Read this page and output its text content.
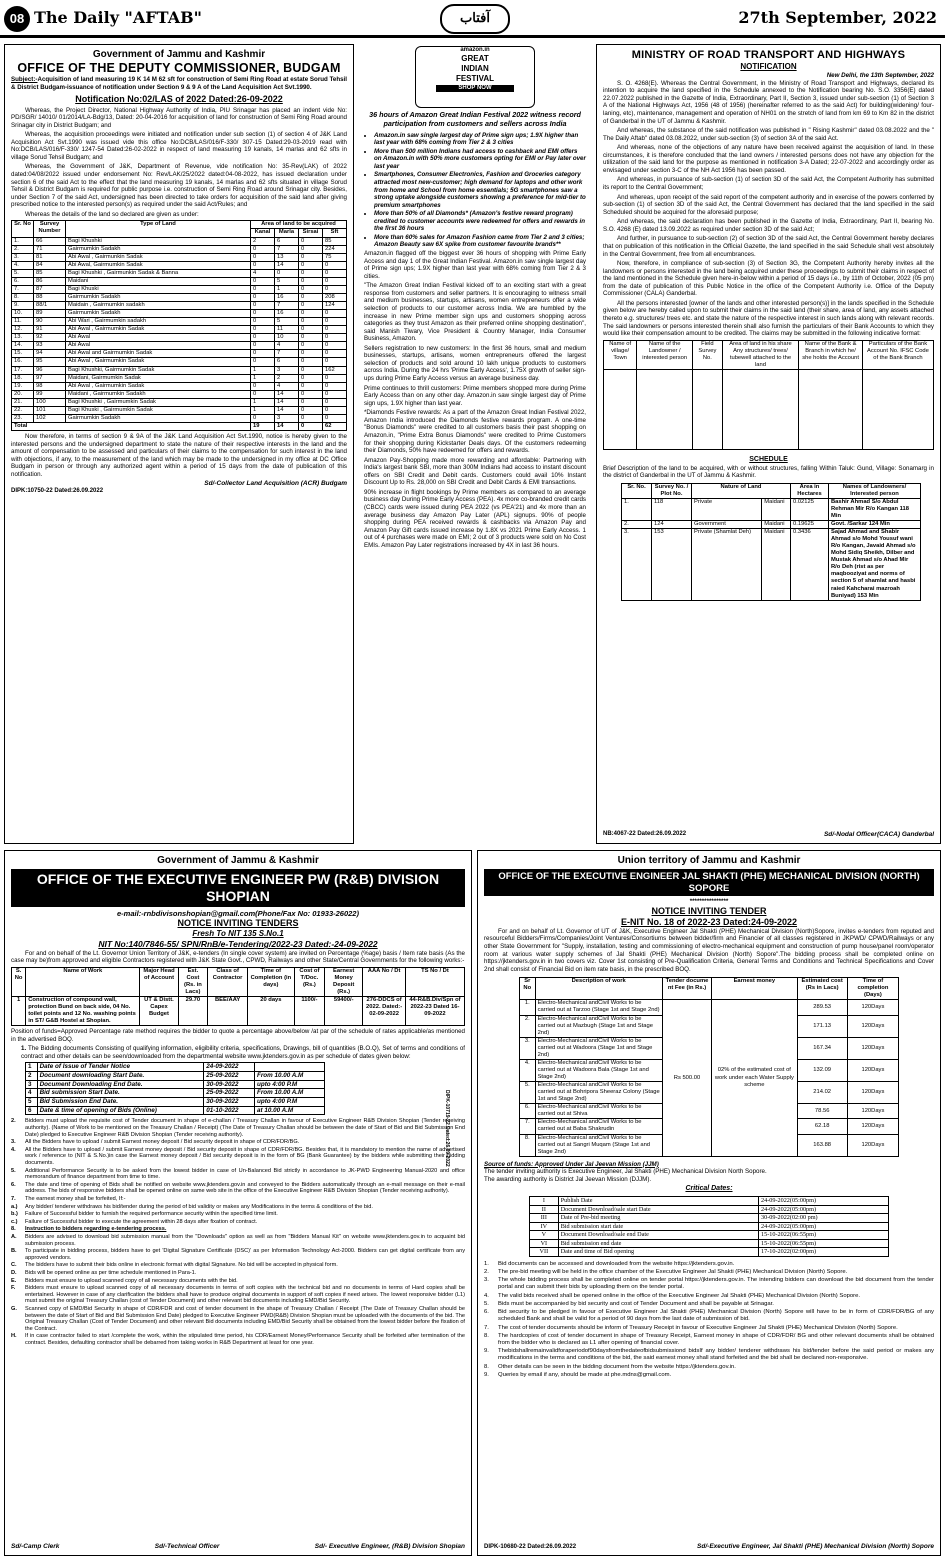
08 The Daily "AFTAB"	آفتاب	27th September, 2022
Government of Jammu and Kashmir
OFFICE OF THE DEPUTY COMMISSIONER, BUDGAM

Subject:-Acquisition of land measuring 19 K 14 M 62 sft for construction of Semi Ring Road at estate Sorud Tehsil & District Budgam-issuance of notification under Section 9 & 9 A of the Land Acquisition Act Svt.1990.

Notification No:02/LAS of 2022 Dated:26-09-2022

Whereas, the Project Director, National Highway Authority of India, PIU Srinagar has placed an indent vide No: PD/SGR/ 14010/ 01/2014/LA-Bdg/13, Dated: 20-04-2016 for acquisition of land for construction of Semi Ring Road around Srinagar city in District Budgam; and

Whereas, the acquisition proceedings were initiated and notification under sub section (1) of section 4 of J&K Land Acquisition Act Svt.1990 was issued vide this office No:DCB/LAS/016/F-330/ 307-15 Dated:29-03-2019 read with No:DCB/LAS/016/F-330/ 1247-54 Dated:26-02-2022 in respect of land measuring 19 kanals, 14 marlas and 62 sfts in village Sorud Tehsil Budgam; and

Whereas, the Government of J&K, Department of Revenue, vide notification No: 35-Rev(LAK) of 2022 dated:04/08/2022 issued under endorsement No: Rev/LAK/25/2022 dated:04-08-2022, has issued declaration under section 6 of the said Act to the effect that the land measuring 19 kanals, 14 marlas and 62 sfts situated in village Sorud Tehsil & District Budgam is required for public purpose i.e. construction of Semi Ring Road around Srinagar city. Besides, under Section 7 of the said Act, undersigned has been directed to take orders for acquisition of the said land after giving prescribed notice to the interested person(s) as required under the said Act/Rules; and

Whereas the details of the land so declared are given as under:

Sr. No	Survey Number	Type of Land	Area of land to be acquired			
			Kanal	Marla	Sirsai	Sft
1.	66	Bagi Khushki	2	6	0	85
2.	71	Gairmumkin Sadakh	0	7	0	224
3.	81	Abi Awal , Gairmunkin Sadak	0	13	0	75
4.	84	Abi Awal, Gairmumkin Sadak	0	14	0	0
5.	85	Bagi Khushki , Gairmunkin Sadak & Banna	4	0	0	0
6.	86	Maidani	0	5	0	0
7.	87	Bagi Khuski	0	1	0	0
8.	88	Gairmumkin Sadakh	0	16	0	208
9.	88/1	Maidain , Gairmumkin sadakh	0	7	0	124
10.	89	Gairmumkin Sadakh	0	16	0	0
11.	90	Abi Wari , Gairmumkin sadakh	0	5	0	0
12.	91	Abi Awal , Gairmumkin Sadak	0	11	0	0
13.	92	Abi Awal	0	10	0	0
14.	93	Abi Awal	0	4	0	0
15.	94	Abi Awal and Gairmumkin Sadak	0	7	0	0
16.	95	Abi Awal , Gairmumkin Sadak	0	6	0	0
17.	96	Bagi Khushki, Gairmumkin Sadak	1	3	0	162
18.	97	Maidani, Gairmumkin Sadak	1	2	0	0
19.	98	Abi Awal , Gairmumkin Sadak	0	4	0	0
20.	99	Maidani , Gairmumkin Sadakh	0	14	0	0
21.	100	Bagi Khushki , Gairmumkin Sadak	1	14	0	0
22.	101	Bagi Khuski , Gairmumkin Sadak	1	14	0	0
23.	102	Gairmumkin Sadakh	0	3	0	0
Total			19	14	0	62

Now therefore, in terms of section 9 & 9A of the J&K Land Acquisition Act Svt.1990, notice is hereby given to the interested persons and the undersigned department to state the nature of their respective interests in the land and the amount of compensation to be assessed and particulars of their claims to the compensation for such interest in the land with objections, if any, to the measurement of the land which may be made to the undersigned in my office at DC Office Budgam in person or through any authorized agent within a period of 15 days from the date of publication of this notification.

Sd/-Collector Land Acquisition (ACR) Budgam
DIPK:10750-22 Dated:26.09.2022
amazon.in
GREAT
INDIAN
FESTIVAL
SHOP NOW
36 hours of Amazon Great Indian Festival 2022 witness record participation from customers and sellers across India
• Amazon.in saw single largest day of Prime sign ups; 1.9X higher than last year with 68% coming from Tier 2 & 3 cities
• More than 500 million Indians had access to cashback and EMI offers on Amazon.in with 50% more customers opting for EMI or Pay later over last year
• Smartphones, Consumer Electronics, Fashion and Groceries category attracted most new-customer; high demand for laptops and other work from home and School from home essentials; 5G smartphones saw a strong uptake alongside customers showing a preference for mid-tier to premium smartphones
• More than 50% of all Diamonds* (Amazon's festive reward program) credited to customer accounts were redeemed for offers and rewards in the first 36 hours
• More than 60% sales for Amazon Fashion came from Tier 2 and 3 cities; Amazon Beauty saw 6X spike from customer favourite brands**

Amazon.in flagged off the biggest ever 36 hours of shopping with Prime Early Access and day 1 of the Great Indian Festival. Amazon.in saw single largest day of Prime sign ups; 1.9X higher than last year with 68% coming from Tier 2 & 3 cities.

"The Amazon Great Indian Festival kicked off to an exciting start with a great response from customers and seller partners. It is encouraging to witness small and medium businesses, startups, artisans, women entrepreneurs offer a wide selection of products to our customer across India. We are humbled by the increase in new Prime member sign ups and customers shopping across categories as they trust Amazon as their preferred online shopping destination", said Manish Tiwary, Vice President & Country Manager, India Consumer Business, Amazon.

Sellers registration to new customers: In the first 36 hours, small and medium businesses, startups, artisans, women entrepreneurs offered the largest selection of products and sold around 10 lakh unique products to customers across India. During the 24 hrs 'Prime Early Access', 1.75X growth of seller sign-ups during Prime Early Access versus an average business day.

Prime continues to thrill customers: Prime members shopped more during Prime Early Access than on any other day. Amazon.in saw single largest day of Prime sign ups, 1.9X higher than last year.

*Diamonds Festive rewards: As a part of the Amazon Great Indian Festival 2022, Amazon India introduced the Diamonds festive rewards program. A one-time "Bonus Diamonds" were credited to all customers basis their past shopping on Amazon.in, "Prime Extra Bonus Diamonds" were credited to Prime Customers for their shopping during Kickstarter Deals days. Of the customers redeeming their Diamonds, 50% have redeemed for offers and rewards.

Amazon Pay-Shopping made more rewarding and affordable: Partnering with India's largest bank SBI, more than 300M Indians had access to instant discount offers on SBI Credit and Debit cards. Customers could avail 10% Instant Discount Up to Rs. 28,000 on SBI Credit and Debit Cards & EMI transactions.

90% increase in flight bookings by Prime members as compared to an average business day During Prime Early Access (PEA). 4x more co-branded credit cards (CBCC) cards were issued during PEA 2022 (vs PEA'21) and 4x more than an average business day Amazon Pay Later (APL) signups. 90% of people shopping during PEA received rewards & cashbacks via Amazon Pay and Amazon Pay Gift cards issued increase by 1.8X vs 2021 Prime Early Access. 1 out of 4 purchases were made on EMI; 2 out of 3 products were sold on No Cost EMIs. Amazon Pay Later registrations increased by 4X in last 36 hours.

MINISTRY OF ROAD TRANSPORT AND HIGHWAYS
NOTIFICATION
New Delhi, the 13th September, 2022

S. O. 4268(E). Whereas the Central Government, in the Ministry of Road Transport and Highways, declared its intention to acquire the land specified in the Schedule annexed to the Notification bearing No. S.O. 3356(E) dated 22.07.2022 published in the Gazette of India, Extraordinary, Part II, Section 3, issued under sub-section (1) of Section 3 A of the National Highways Act, 1956 (48 of 1956) (hereinafter referred to as the said Act) for building(widening/ four-laning, etc), maintenance, management and operation of NH01 on the stretch of land from km 69 to Km 82 in the district of Ganderbal in the UT of Jammu & Kashmir.

And whereas, the substance of the said notification was published in " Rising Kashmir" dated 03.08.2022 and the " The Daily Aftab" dated 03.08.2022, under sub-section (3) of section 3A of the said Act.

And whereas, none of the objections of any nature have been received against the acquisition of land. In these circumstances, it is therefore concluded that the land owners / interested persons does not have any objection for the utilization of the said land for the purpose as mentioned in notification 3-A Dated; 22-07-2022 and accordingly order as envisaged under section 3-C of the NH Act 1956 has been passed.

And whereas, in pursuance of sub-section (1) of section 3D of the said Act, the Competent Authority has submitted its report to the Central Government;

And whereas, upon receipt of the said report of the competent authority and in exercise of the powers conferred by sub-section (1) of section 3D of the said Act, the Central Government has declared that the land specified in the said Scheduled should be acquired for the aforesaid purpose;

And whereas, the said declaration has been published in the Gazette of India, Extraordinary, Part II, bearing No. S.O. 4268 (E) dated 13.09.2022 as required under section 3D of the said Act;

And further, in pursuance to sub-section (2) of section 3D of the said Act, the Central Government hereby declares that on publication of this notification in the Official Gazette, the land specified in the said Schedule shall vest absolutely in the Central Government, free from all encumbrances.

Now, therefore, in compliance of sub-section (3) of Section 3G, the Competent Authority hereby invites all the landowners or persons interested in the land being acquired under these proceedings to submit their claims in respect of the land mentioned in the Schedule given here-in-below within a period of 15 days i.e., by 11th of October, 2022 (05 pm) from the date of publication of this Public Notice in the office of the Competent Authority i.e. Office of the Deputy Commissioner (CALA) Ganderbal.

All the persons interested [owner of the lands and other interested person(s)] in the lands specified in the Schedule given below are hereby called upon to submit their claims in the said land (their share, area of land, any assets attached thereto e.g. structures/ trees etc. and state the nature of the respective interest in such lands along with relevant records. The said landowners or persons interested therein shall also furnish the particulars of their Bank Accounts to which they would like their compensation amount to be credited. The claims may be submitted in the following indicative format:

Name of village/ Town	Name of the Landowner / interested person	Field Survey No.	Area of land in his share Any structures/ trees/ tubewell attached to the land	Name of the Bank & Branch in which he/ she holds the Account	Particulars of the Bank Account No. IFSC Code of the Bank Branch

SCHEDULE

Brief Description of the land to be acquired, with or without structures, falling Within Taluk: Gund, Village: Sonamarg in the district of Ganderbal in the UT of Jammu & Kashmir.

Sr. No.	Survey No. / Plot No.	Nature of Land		Area in Hectares	Names of Landowners/ Interested person
1.	118	Private	Maidani	0.02125	Bashir Ahmad S/o Abdul Rehman Mir R/o Kangan 118 Min
2.	124	Government	Maidani	0.19625	Govt. /Sarkar 124 Min
3.	153	Private (Shamlat Deh)	Maidani	0.3436	Sajad Ahmad and Shabir Ahmad s/o Mohd Yousuf wani R/o Kangan, Javaid Ahmad s/o Mohd Sidiq Sheikh, Dilber and Mustak Ahmad s/o Ahad Mir R/o Deh (rist as per maqbooziyat and norms of section 5 of shamlat and hasbi raied Kahcharai mazroah Buniyad) 153 Min
NB:4067-22 Dated:26.09.2022	Sd/-Nodal Officer(CACA) Ganderbal
Government of Jammu & Kashmir
OFFICE OF THE EXECUTIVE ENGINEER PW (R&B) DIVISION SHOPIAN
e-mail:-rnbdivisonshopian@gmail.com(Phone/Fax No: 01933-26022)
NOTICE INVITING TENDERS
Fresh To NIT 135 S.No.1
NIT No:140/7846-55/ SPN/RnB/e-Tendering/2022-23 Dated:-24-09-2022

For and on behalf of the Lt. Governor Union Territory of J&K, e-tenders (In single cover system) are invited on Percentage (%age) basis / Item rate basis (As the case may be)from approved and eligible Contractors registered with J&K State Govt., CPWD, Railways and other State/Central Governments for the following works:-

S. No	Name of Work	Major Head of Account	Est. Cost (Rs. in Lacs)	Class of Contractor	Time of Completion (in days)	Cost of T/Doc. (Rs.)	Earnest Money Deposit (Rs.)	AAA No / Dt	TS No / Dt
1	Construction of compound wall, protection Bund on back side, 04 No. toilet points and 12 No. washing points in ST/ G&B Hostel at Shopian.	UT & Distt. Capex Budget	29.70	BEE/AAY	20 days	1100/-	59400/-	276-DDCS of 2022. Dated:- 02-09-2022	44-R&B.Div/Spn of 2022-23 Dated 16-09-2022

Position of funds=Approved Percentage rate method requires the bidder to quote a percentage above/below /at par of the schedule of rates applicable/as mentioned in the advertised BOQ.

1. The Bidding documents Consisting of qualifying information, eligibility criteria, specifications, Drawings, bill of quantities (B.O.Q), Set of terms and conditions of contract and other details can be seen/downloaded from the departmental website www.jktenders.gov.in as per schedule of dates given below:

1	Date of Issue of Tender Notice	24-09-2022	
2	Document downloading Start Date.	25-09-2022	From 10.00 A.M
3	Document Downloading End Date.	30-09-2022	upto 4:00 P.M
4	Bid submission Start Date.	25-09-2022	From 10.00 A.M
5	Bid Submission End Date.	30-09-2022	upto 4:00 P.M
6	Date & time of opening of Bids (Online)	01-10-2022	at 10.00 A.M
2.	Bidders must upload the requisite cost of Tender document in shape of e-challan / Treasury Challan in favour of Executive Engineer R&B Division Shopian (Tender receiving authority). (Name of Work to be mentioned on the Treasury Challan / Receipt) (The Date of Treasury Challan should be between the date of Start of Bid and Bid Submission End Date) pledged to Executive Engineer R&B Division Shopian (Tender receiving authority).
3.	All the Bidders have to upload / submit Earnest money deposit / Bid security deposit in shape of CDR/FDR/BG.
4.	All the Bidders have to upload / submit Earnest money deposit / Bid security deposit in shape of CDR/FDR/BG. Besides that, it is mandatory to mention the name of advertised work / reference to (NIT & S.No.)in case the Earnest money deposit / Bid security deposit is in the form of BG (Bank Guarantee) by the bidders while submitting their bidding documents.
5.	Additional Performance Security is to be asked from the lowest bidder in case of Un-Balanced Bid strictly in accordance to JK-PWD Engineering Manual-2020 and office memorandum of finance department from time to time.
6.	The date and time of opening of Bids shall be notified on website www.jktenders.gov.in and conveyed to the Bidders automatically through an e-mail message on their e-mail address. The bids of responsive bidders shall be opened online on same web site in the office of the Executive Engineer R&B Division Shopian (Tender receiving authority).
7.	The earnest money shall be forfeited, If:-
a.)	Any bidder/ tenderer withdraws his bid/tender during the period of bid validity or makes any Modifications in the terms & conditions of the bid.
b.)	Failure of Successful bidder to furnish the required performance security within the specified time limit.
c.)	Failure of Successful bidder to execute the agreement within 28 days after fixation of contract.
8.	Instruction to bidders regarding e-tendering process.
A.	Bidders are advised to download bid submission manual from the "Downloads" option as well as from "Bidders Manual Kit" on website www.jktenders.gov.in to acquaint bid submission process.
B.	To participate in bidding process, bidders have to get 'Digital Signature Certificate (DSC)' as per Information Technology Act-2000. Bidders can get digital certificate from any approved vendors.
C.	The bidders have to submit their bids online in electronic format with digital Signature. No bid will be accepted in physical form.
D.	Bids will be opened online as per time schedule mentioned in Para-1.
E.	Bidders must ensure to upload scanned copy of all necessary documents with the bid.
F.	Bidders must ensure to upload scanned copy of all necessary documents in terms of soft copies with the technical bid and no documents in terms of Hard copies shall be entertained. However in case of any clarification the bidders shall have to produce original documents in support of soft copies if need arises. The lowest responsive bidder (L1) must submit the original Treasury Challan (cost of Tender Document) and other relevant bid documents including EMD/Bid Security.
G.	Scanned copy of EMD/Bid Security in shape of CDR/FDR and cost of tender document in the shape of Treasury Challan / Receipt (The Date of Treasury Challan should be between the date of Start of Bid and Bid Submission End Date) pledged to Executive Engineer PWD(R&B) Division Shopian must be uploaded with the documents of the bid. The Original Treasury Challan (Cost of Tender Document) and other relevant Bid documents including EMD/Bid Security shall be obtained from the lowest bidder before the fixation of the Contract.
H.	If in case contractor failed to start /complete the work, within the stipulated time period, his CDR/Earnest Money/Performance Security shall be forfeited after termination of the contract. Besides, defaulting contractor shall be debarred from taking works in R&B Department at least for one year.
Sd/-Camp Clerk	Sd/-Technical Officer	Sd/- Executive Engineer, (R&B) Division Shopian
DIPK-10719-22 Dated:26.09.2022
Union territory of Jammu and Kashmir
OFFICE OF THE EXECUTIVE ENGINEER JAL SHAKTI (PHE) MECHANICAL DIVISION (NORTH) SOPORE
****************
NOTICE INVITING TENDER
E-NIT No. 18 of 2022-23 Dated:24-09-2022

For and on behalf of Lt. Governor of UT of J&K, Executive Engineer Jal Shakti (PHE) Mechanical Division (North)Sopore, invites e-tenders from reputed and resourceful Bidders/Firms/Companies/Joint Ventures/Consortiums between bidder/firm and Financier of all classes registered in JKPWD/ CPWD/Railways or any other State Government for "Supply, installation, testing and commissioning of electro-mechanical equipment and construction of pump house/panel room/operator room at various water supply schemes of Jal Shakti (PHE) Mechanical Division (North) Sopore".The bidding process shall be completed online on https://jktenders.gov.in in two covers viz. Cover 1st consisting of Pre-Qualification Criteria, General Terms and Conditions and Technical Specifications and Cover 2nd shall consist of Financial Bid on item rate basis, in the prescribed BOQ.

Sr No	Description of work	Tender docume nt Fee (in Rs.)	Earnest money	Estimated cost (Rs in Lacs)	Time of completion (Days)
1.	Electro-Mechanical andCivil Works to be carried out at Tarzoo (Stage 1st and Stage 2nd)	Rs 500.00	02% of the estimated cost of work under each Water Supply scheme	289.53	120Days
2.	Electro-Mechanical andCivil Works to be carried out at Mazbugh (Stage 1st and Stage 2nd)			171.13	120Days
3.	Electro-Mechanical andCivil Works to be carried out at Wadoora (Stage 1st and Stage 2nd)			167.34	120Days
4.	Electro-Mechanical andCivil Works to be carried out at Wadoora Bala (Stage 1st and Stage 2nd)			132.09	120Days
5.	Electro-Mechanical andCivil Works to be carried out at Bohripora Sheeraz Colony (Stage 1st and Stage 2nd)			214.02	120Days
6.	Electro-Mechanical andCivil Works to be carried out at Shiva			78.56	120Days
7.	Electro-Mechanical andCivil Works to be carried out at Baba Shakrudin			62.18	120Days
8.	Electro-Mechanical andCivil Works to be carried out at Sangri Muqam (Stage 1st and Stage 2nd)			163.88	120Days
Source of funds: Approved Under Jal Jeevan Mission (JJM)
The tender inviting authority is Executive Engineer, Jal Shakti (PHE) Mechanical Division North Sopore.
The awarding authority is District Jal Jeevan Mission (DJJM).
Critical Dates:
I	Publish Date	24-09-2022(05:00pm)
II	Document Download/sale start Date	24-09-2022(05:00pm)
III	Date of Pre-bid meeting	30-09-2022(02:00 pm)
IV	Bid submission start date	24-09-2022(05:00pm)
V	Document Download/sale end Date	15-10-2022(06:55pm)
VI	Bid submission end date	15-10-2022(06:55pm)
VII	Date and time of Bid opening	17-10-2022(02:00pm)
1.	Bid documents can be accessed and downloaded from the website https://jktenders.gov.in.
2.	The pre-bid meeting will be held in the office chamber of the Executive Engineer Jal Shakti (PHE) Mechanical Division (North) Sopore.
3.	The whole bidding process shall be completed online on tender portal https://jktenders.gov.in. The intending bidders can download the bid document from the tender portal and can submit their bids by uploading them on the tender portal.
4.	The valid bids received shall be opened online in the office of the Executive Engineer Jal Shakti (PHE) Mechanical Division (North) Sopore.
5.	Bids must be accompanied by bid security and cost of Tender Document and shall be payable at Srinagar.
6.	Bid security to be pledged in favour of Executive Engineer Jal Shakti (PHE) Mechanical Division (North) Sopore will have to be in form of CDR/FDR/BG of any scheduled Bank and shall be valid for a period of 90 days from the last date of submission of bid.
7.	The cost of tender documents should be inform of Treasury Receipt in favour of Executive Engineer Jal Shakti (PHE) Mechanical Division (North) Sopore.
8.	The hardcopies of cost of tender document in shape of Treasury Receipt, Earnest money in shape of CDR/FDR/ BG and other relevant documents shall be obtained from the bidder who is declared as L1 after opening of financial cover.
9.	Thebidshallremainvalidforaperiodof90daysfromthedateofbidsubmissiond bidsIf any bidder/ tenderer withdraws his bid/tender before the said period or makes any modifications in the terms and conditions of the bid, the said earnest money shall stand forfeited and the bid shall be declared non-responsive.
8.	Other details can be seen in the bidding document from the website https://jktenders.gov.in.
9.	Queries by email if any, should be made at phe.mdns@gmail.com.
DIPK-10680-22 Dated:26.09.2022	Sd/-Executive Engineer, Jal Shakti (PHE) Mechanical Division (North) Sopore
